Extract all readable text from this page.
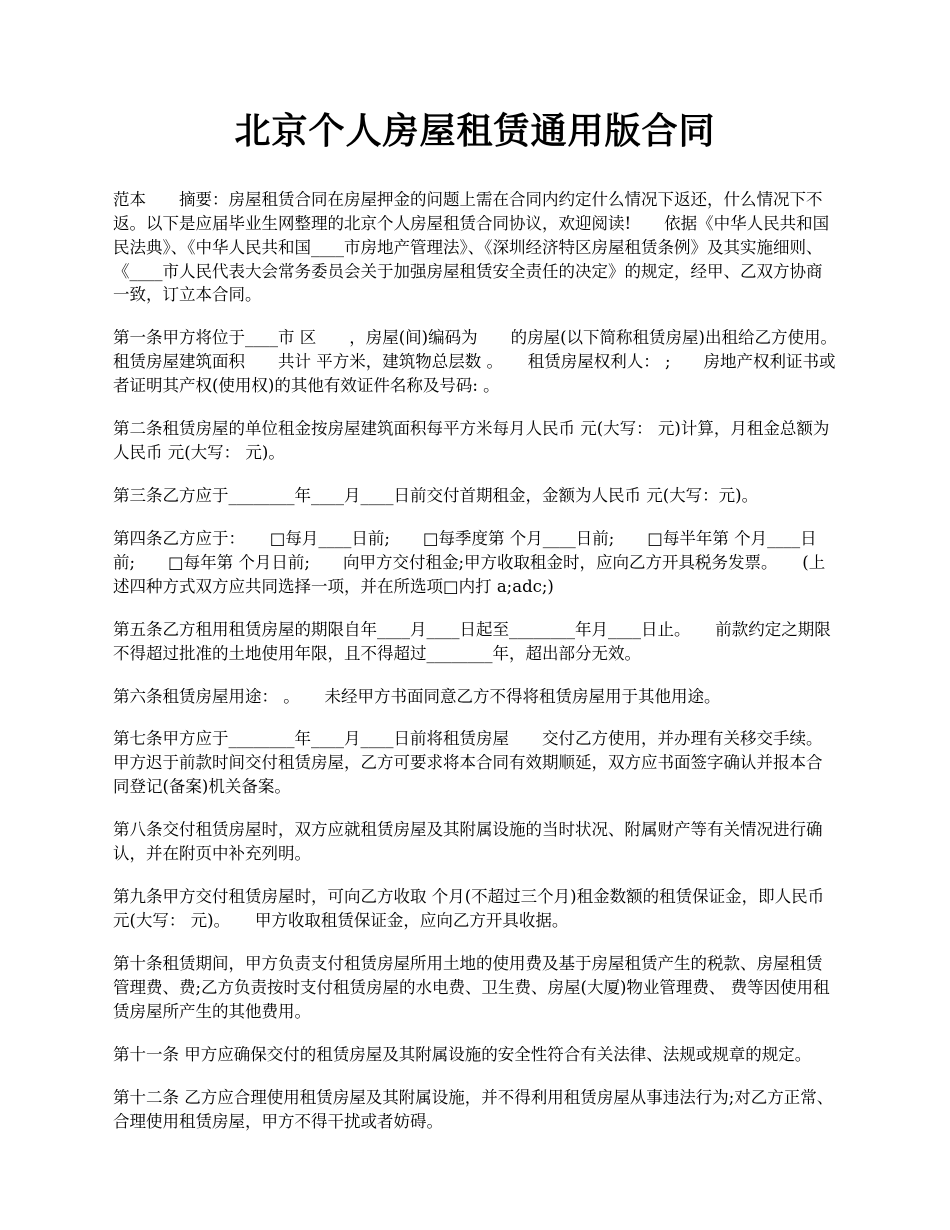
北京个人房屋租赁通用版合同

范本　　摘要：房屋租赁合同在房屋押金的问题上需在合同内约定什么情况下返还，什么情况下不返。以下是应届毕业生网整理的北京个人房屋租赁合同协议，欢迎阅读!　　依据《中华人民共和国民法典》、《中华人民共和国____市房地产管理法》、《深圳经济特区房屋租赁条例》及其实施细则、《____市人民代表大会常务委员会关于加强房屋租赁安全责任的决定》的规定，经甲、乙双方协商一致，订立本合同。

第一条甲方将位于____市 区　　，房屋(间)编码为　　的房屋(以下简称租赁房屋)出租给乙方使用。租赁房屋建筑面积　　共计 平方米，建筑物总层数 。　　租赁房屋权利人： ;　　房地产权利证书或者证明其产权(使用权)的其他有效证件名称及号码: 。

第二条租赁房屋的单位租金按房屋建筑面积每平方米每月人民币 元(大写： 元)计算，月租金总额为人民币 元(大写： 元)。

第三条乙方应于________年____月____日前交付首期租金，金额为人民币 元(大写：元)。

第四条乙方应于：　　□每月____日前;　　□每季度第 个月____日前;　　□每半年第 个月____日前;　　□每年第 个月日前;　　向甲方交付租金;甲方收取租金时，应向乙方开具税务发票。　　(上述四种方式双方应共同选择一项，并在所选项□内打 a;adc;)

第五条乙方租用租赁房屋的期限自年____月____日起至________年月____日止。　　前款约定之期限不得超过批准的土地使用年限，且不得超过________年，超出部分无效。

第六条租赁房屋用途： 。　　未经甲方书面同意乙方不得将租赁房屋用于其他用途。

第七条甲方应于________年____月____日前将租赁房屋　　交付乙方使用，并办理有关移交手续。　　甲方迟于前款时间交付租赁房屋，乙方可要求将本合同有效期顺延，双方应书面签字确认并报本合同登记(备案)机关备案。

第八条交付租赁房屋时，双方应就租赁房屋及其附属设施的当时状况、附属财产等有关情况进行确认，并在附页中补充列明。

第九条甲方交付租赁房屋时，可向乙方收取 个月(不超过三个月)租金数额的租赁保证金，即人民币 元(大写： 元)。　　甲方收取租赁保证金，应向乙方开具收据。

第十条租赁期间，甲方负责支付租赁房屋所用土地的使用费及基于房屋租赁产生的税款、房屋租赁管理费、费;乙方负责按时支付租赁房屋的水电费、卫生费、房屋(大厦)物业管理费、 费等因使用租赁房屋所产生的其他费用。

第十一条 甲方应确保交付的租赁房屋及其附属设施的安全性符合有关法律、法规或规章的规定。

第十二条 乙方应合理使用租赁房屋及其附属设施，并不得利用租赁房屋从事违法行为;对乙方正常、合理使用租赁房屋，甲方不得干扰或者妨碍。
